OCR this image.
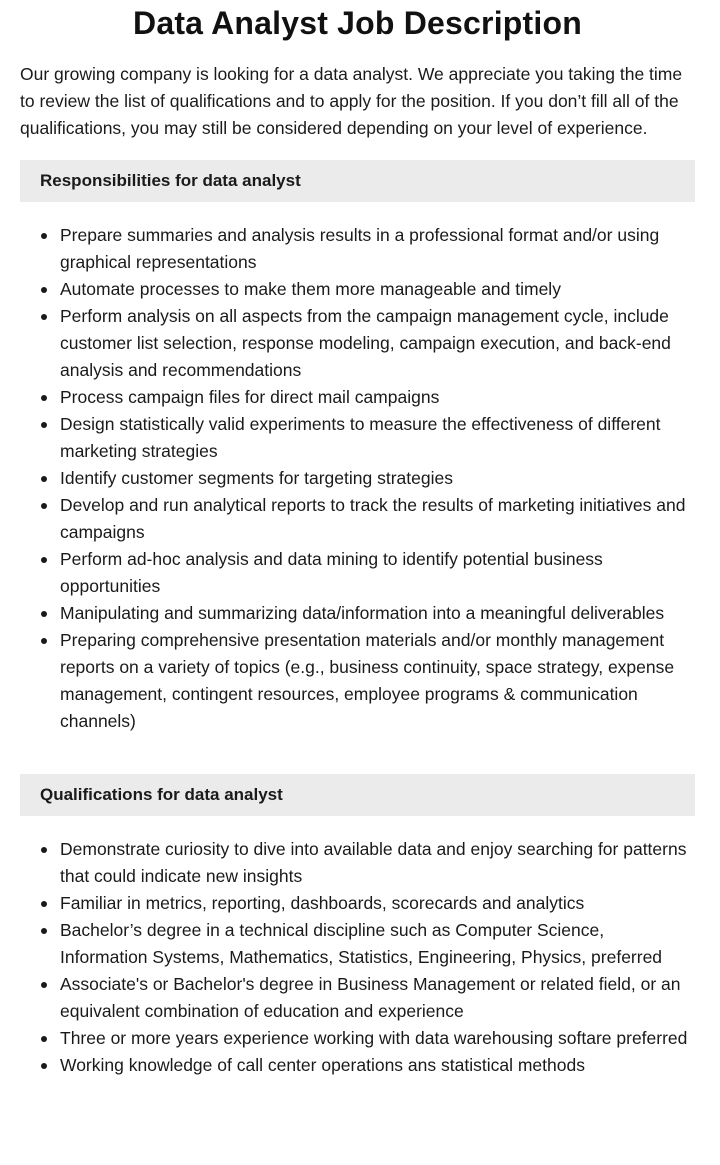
Data Analyst Job Description

Our growing company is looking for a data analyst. We appreciate you taking the time to review the list of qualifications and to apply for the position. If you don’t fill all of the qualifications, you may still be considered depending on your level of experience.

Responsibilities for data analyst
Prepare summaries and analysis results in a professional format and/or using graphical representations
Automate processes to make them more manageable and timely
Perform analysis on all aspects from the campaign management cycle, include customer list selection, response modeling, campaign execution, and back-end analysis and recommendations
Process campaign files for direct mail campaigns
Design statistically valid experiments to measure the effectiveness of different marketing strategies
Identify customer segments for targeting strategies
Develop and run analytical reports to track the results of marketing initiatives and campaigns
Perform ad-hoc analysis and data mining to identify potential business opportunities
Manipulating and summarizing data/information into a meaningful deliverables
Preparing comprehensive presentation materials and/or monthly management reports on a variety of topics (e.g., business continuity, space strategy, expense management, contingent resources, employee programs & communication channels)
Qualifications for data analyst
Demonstrate curiosity to dive into available data and enjoy searching for patterns that could indicate new insights
Familiar in metrics, reporting, dashboards, scorecards and analytics
Bachelor’s degree in a technical discipline such as Computer Science, Information Systems, Mathematics, Statistics, Engineering, Physics, preferred
Associate's or Bachelor's degree in Business Management or related field, or an equivalent combination of education and experience
Three or more years experience working with data warehousing softare preferred
Working knowledge of call center operations ans statistical methods
